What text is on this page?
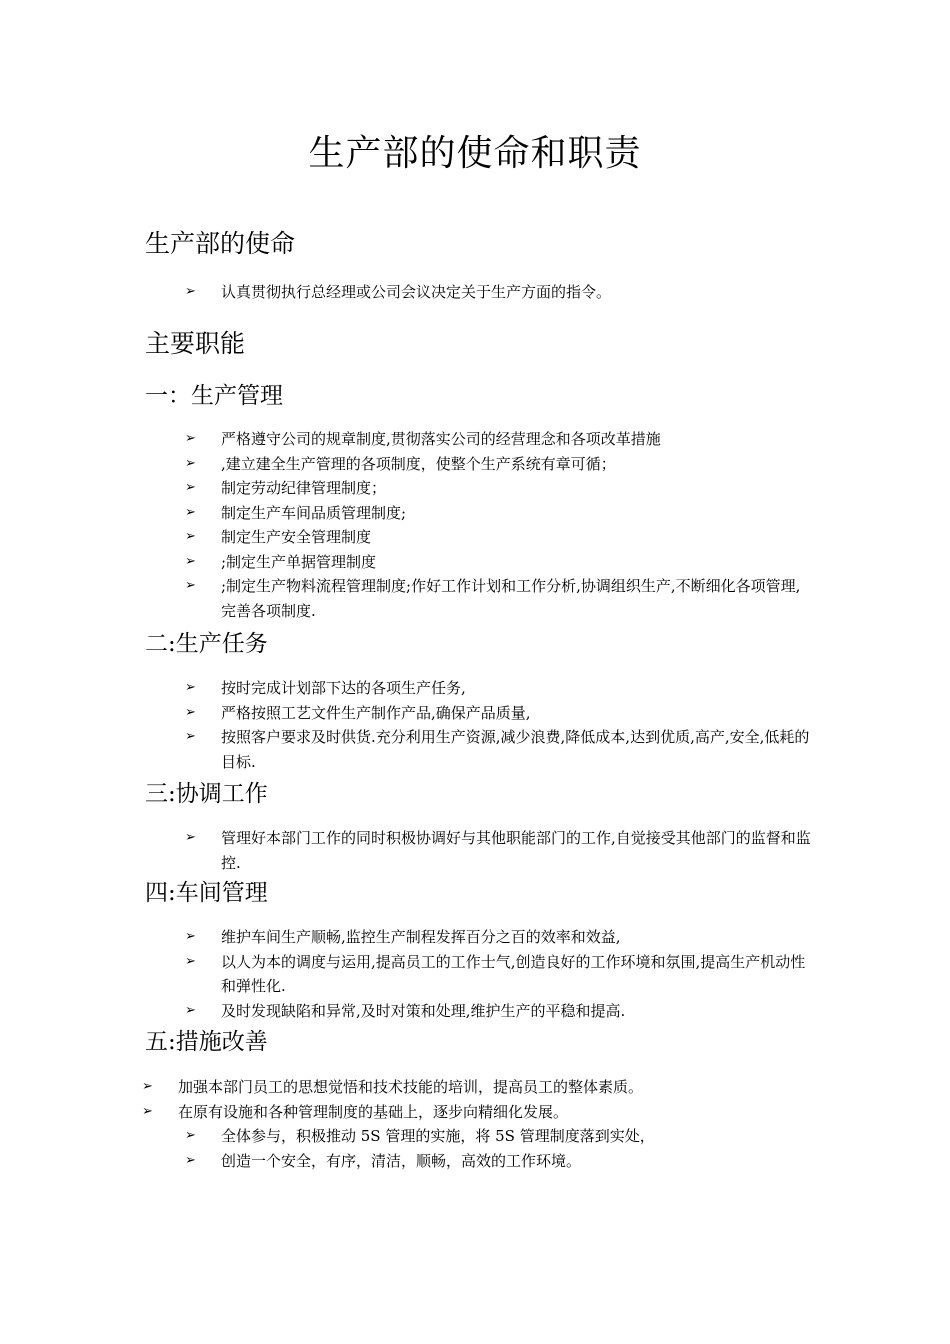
生产部的使命和职责
生产部的使命
➢	认真贯彻执行总经理或公司会议决定关于生产方面的指令。
主要职能
一：生产管理
➢	严格遵守公司的规章制度,贯彻落实公司的经营理念和各项改革措施
➢	,建立建全生产管理的各项制度，使整个生产系统有章可循；
➢	制定劳动纪律管理制度；
➢	制定生产车间品质管理制度;
➢	制定生产安全管理制度
➢	;制定生产单据管理制度
➢	;制定生产物料流程管理制度;作好工作计划和工作分析,协调组织生产,不断细化各项管理,完善各项制度.
二:生产任务
➢	按时完成计划部下达的各项生产任务,
➢	严格按照工艺文件生产制作产品,确保产品质量,
➢	按照客户要求及时供货.充分利用生产资源,减少浪费,降低成本,达到优质,高产,安全,低耗的目标.
三:协调工作
➢	管理好本部门工作的同时积极协调好与其他职能部门的工作,自觉接受其他部门的监督和监控.
四:车间管理
➢	维护车间生产顺畅,监控生产制程发挥百分之百的效率和效益,
➢	以人为本的调度与运用,提高员工的工作士气,创造良好的工作环境和氛围,提高生产机动性和弹性化.
➢	及时发现缺陷和异常,及时对策和处理,维护生产的平稳和提高.
五:措施改善
➢	加强本部门员工的思想觉悟和技术技能的培训，提高员工的整体素质。
➢	在原有设施和各种管理制度的基础上，逐步向精细化发展。
➢	全体参与，积极推动 5S 管理的实施，将 5S 管理制度落到实处，
➢	创造一个安全，有序，清洁，顺畅，高效的工作环境。
